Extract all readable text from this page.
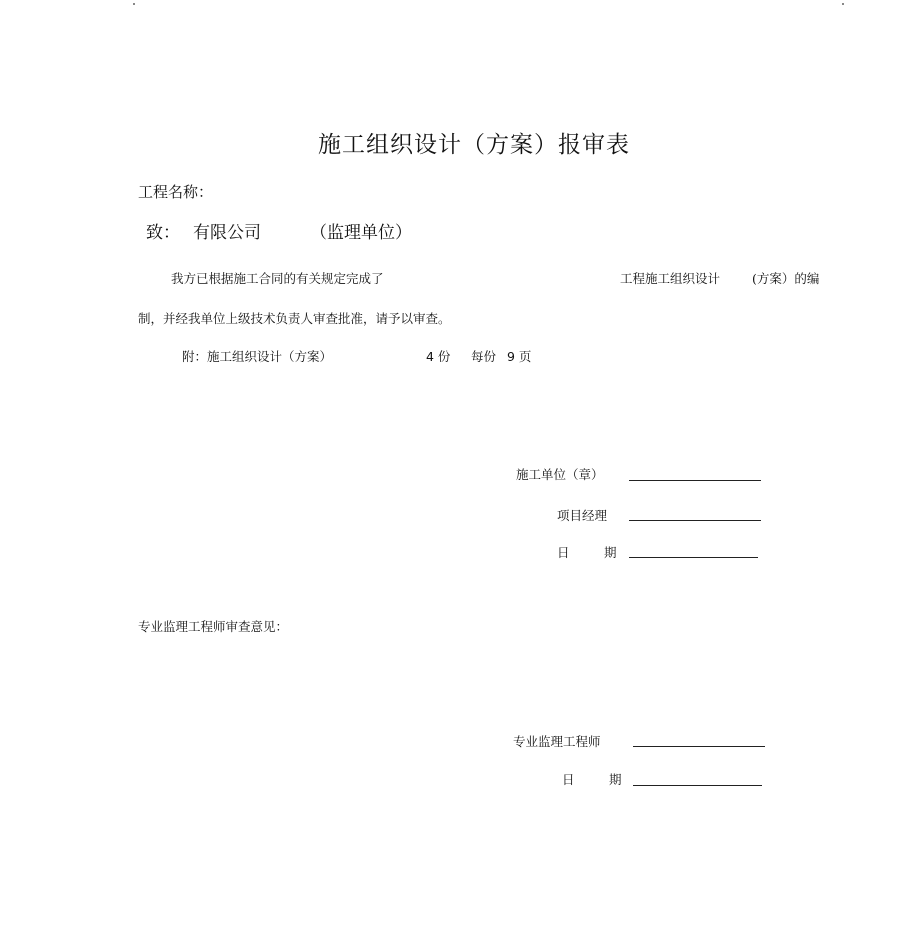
施工组织设计（方案）报审表
工程名称：
致： 有限公司	（监理单位）
我方已根据施工合同的有关规定完成了	工程施工组织设计	(方案）的编
制，并经我单位上级技术负责人审查批准，请予以审查。
附：施工组织设计（方案）	4 份 每份 9 页
施工单位（章）
项目经理
日	期
专业监理工程师审查意见：
专业监理工程师
日	期
